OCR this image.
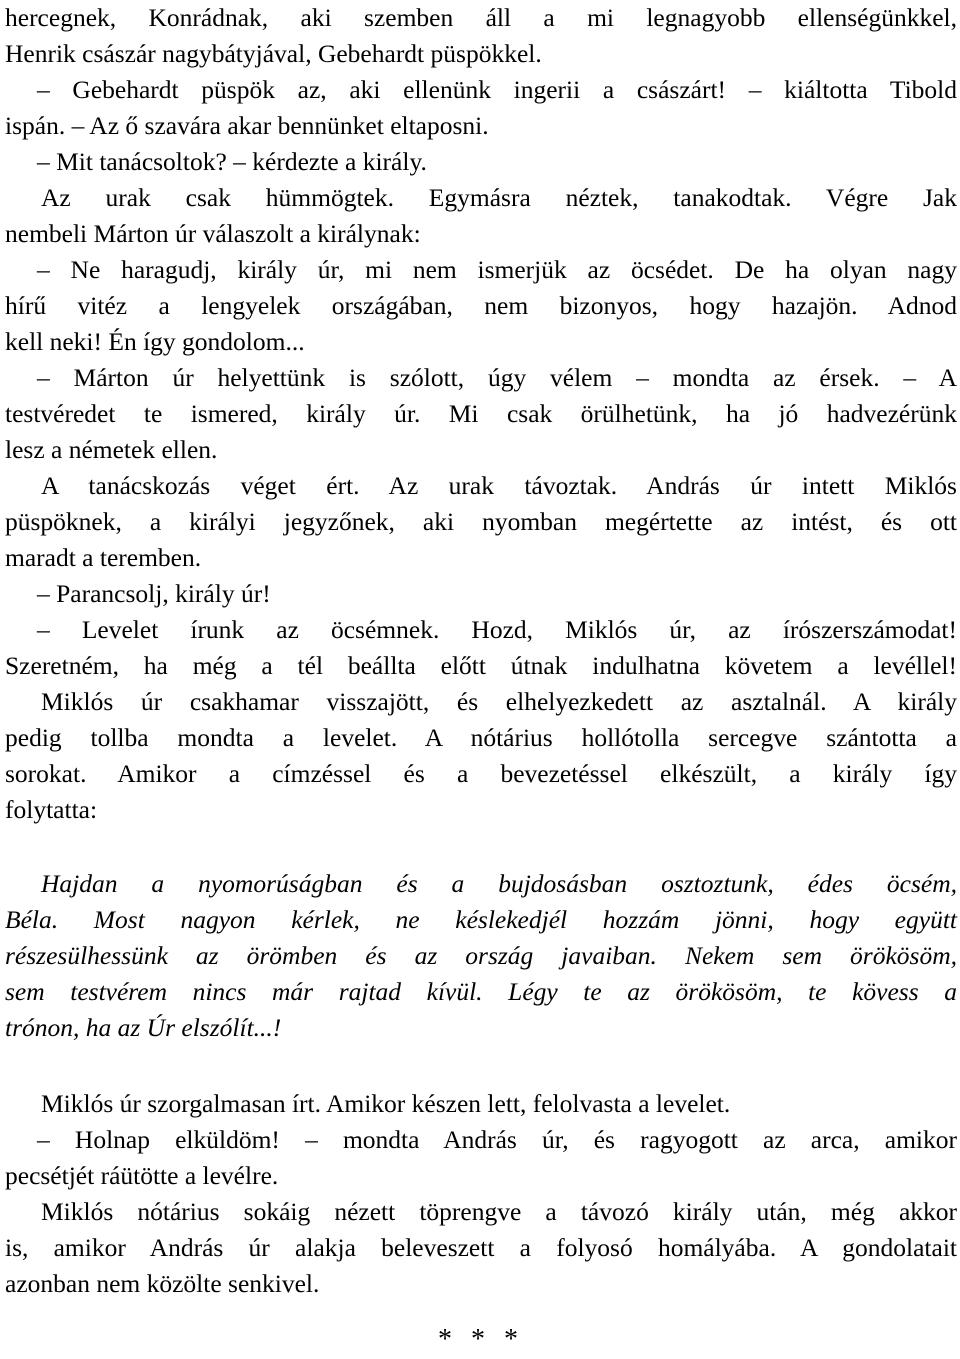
hercegnek, Konrádnak, aki szemben áll a mi legnagyobb ellenségünkkel,
Henrik császár nagybátyjával, Gebehardt püspökkel.
– Gebehardt püspök az, aki ellenünk ingerii a császárt! – kiáltotta Tibold
ispán. – Az ő szavára akar bennünket eltaposni.
– Mit tanácsoltok? – kérdezte a király.
Az urak csak hümmögtek. Egymásra néztek, tanakodtak. Végre Jak
nembeli Márton úr válaszolt a királynak:
– Ne haragudj, király úr, mi nem ismerjük az öcsédet. De ha olyan nagy
hírű vitéz a lengyelek országában, nem bizonyos, hogy hazajön. Adnod
kell neki! Én így gondolom...
– Márton úr helyettünk is szólott, úgy vélem – mondta az érsek. – A
testvéredet te ismered, király úr. Mi csak örülhetünk, ha jó hadvezérünk
lesz a németek ellen.
A tanácskozás véget ért. Az urak távoztak. András úr intett Miklós
püspöknek, a királyi jegyzőnek, aki nyomban megértette az intést, és ott
maradt a teremben.
– Parancsolj, király úr!
– Levelet írunk az öcsémnek. Hozd, Miklós úr, az írószerszámodat!
Szeretném, ha még a tél beállta előtt útnak indulhatna követem a levéllel!
Miklós úr csakhamar visszajött, és elhelyezkedett az asztalnál. A király
pedig tollba mondta a levelet. A nótárius hollótolla sercegve szántotta a
sorokat. Amikor a címzéssel és a bevezetéssel elkészült, a király így
folytatta:
Hajdan a nyomorúságban és a bujdosásban osztoztunk, édes öcsém,
Béla. Most nagyon kérlek, ne késlekedjél hozzám jönni, hogy együtt
részesülhessünk az örömben és az ország javaiban. Nekem sem örökösöm,
sem testvérem nincs már rajtad kívül. Légy te az örökösöm, te kövess a
trónon, ha az Úr elszólít...!
Miklós úr szorgalmasan írt. Amikor készen lett, felolvasta a levelet.
– Holnap elküldöm! – mondta András úr, és ragyogott az arca, amikor
pecsétjét ráütötte a levélre.
Miklós nótárius sokáig nézett töprengve a távozó király után, még akkor
is, amikor András úr alakja beleveszett a folyosó homályába. A gondolatait
azonban nem közölte senkivel.
* * *
